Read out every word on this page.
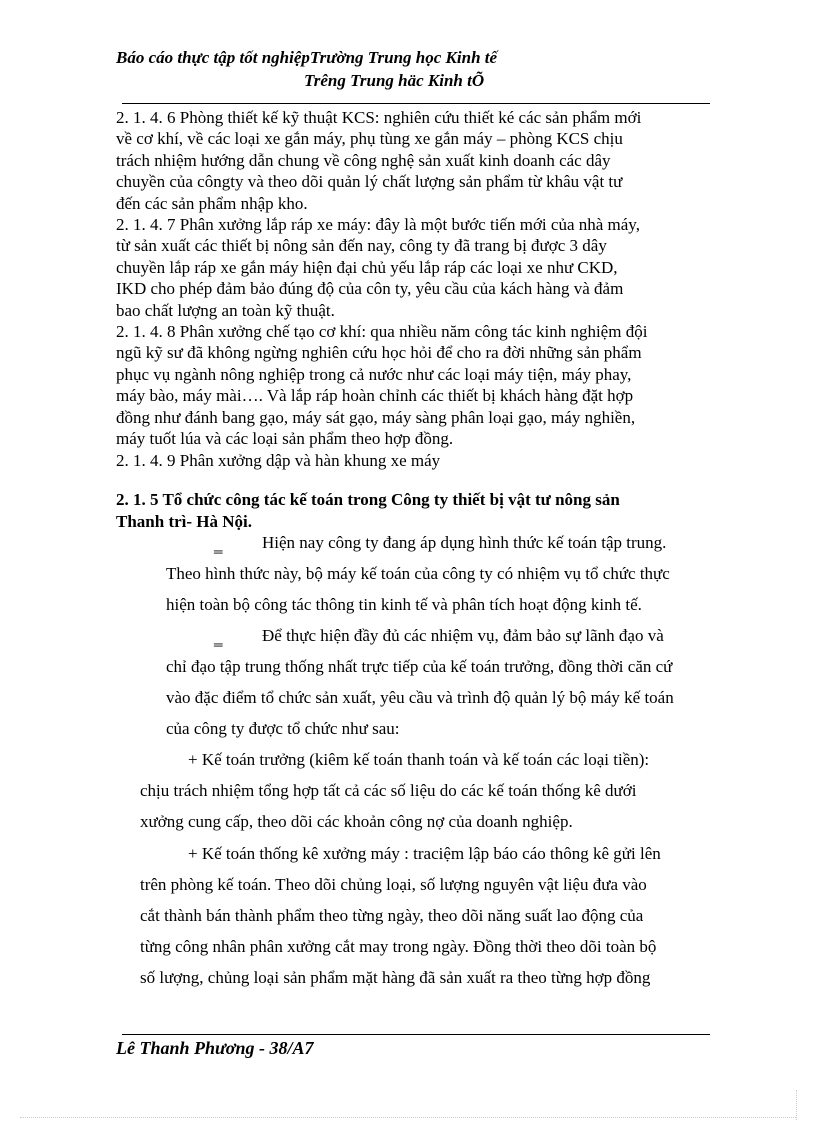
Báo cáo thực tập tốt nghiệpTrường Trung học Kinh tế
Trêng Trung häc Kinh tÕ

2. 1. 4. 6 Phòng thiết kế kỹ thuật KCS: nghiên cứu thiết ké các sản phẩm mới

về cơ khí, về các loại xe gắn máy, phụ tùng xe gắn máy – phòng KCS chịu

trách nhiệm hướng dẫn chung về công nghệ sản xuất kinh doanh các dây

chuyền của côngty và theo dõi quản lý chất lượng sản phẩm từ khâu vật tư

đến các sản phẩm nhập kho.

2. 1. 4. 7 Phân xưởng lắp ráp xe máy: đây là một bước tiến mới của nhà máy,

từ sản xuất các thiết bị nông sản đến nay, công ty đã trang bị được 3 dây

chuyền lắp ráp xe gắn máy hiện đại chủ yếu lắp ráp các loại xe như CKD,

IKD cho phép đảm bảo đúng độ của côn ty, yêu cầu của kách hàng và đảm

bao chất lượng an toàn kỹ thuật.

2. 1. 4. 8 Phân xưởng chế tạo cơ khí: qua nhiều năm công tác kinh nghiệm đội

ngũ kỹ sư đã không ngừng nghiên cứu học hỏi để cho ra đời những sản phẩm

phục vụ ngành nông nghiệp trong cả nước như các loại máy tiện, máy phay,

máy bào, máy mài…. Và lắp ráp hoàn chỉnh các thiết bị khách hàng đặt hợp

đồng như đánh bang gạo, máy sát gạo, máy sàng phân loại gạo, máy nghiền,

máy tuốt lúa và các loại sản phẩm theo hợp đồng.

2. 1. 4. 9 Phân xưởng dập và hàn khung xe máy

2. 1. 5 Tổ chức công tác kế toán trong Công ty thiết bị vật tư nông sản
Thanh trì- Hà Nội.
‗ Hiện nay công ty đang áp dụng hình thức kế toán tập trung.
Theo hình thức này, bộ máy kế toán của công ty có nhiệm vụ tổ chức thực
hiện toàn bộ công tác thông tin kinh tế và phân tích hoạt động kinh tế.
‗ Để thực hiện đầy đủ các nhiệm vụ, đảm bảo sự lãnh đạo và
chỉ đạo tập trung thống nhất trực tiếp của kế toán trưởng, đồng thời căn cứ
vào đặc điểm tổ chức sản xuất, yêu cầu và trình độ quản lý bộ máy kế toán
của công ty được tổ chức như sau:
+ Kế toán trưởng (kiêm kế toán thanh toán và kế toán các loại tiền):
chịu trách nhiệm tổng hợp tất cả các số liệu do các kế toán thống kê dưới
xưởng cung cấp, theo dõi các khoản công nợ của doanh nghiệp.
+ Kế toán thống kê xưởng máy : traciệm lập báo cáo thông kê gửi lên
trên phòng kế toán. Theo dõi chủng loại, số lượng nguyên vật liệu đưa vào
cắt thành bán thành phẩm theo từng ngày, theo dõi năng suất lao động của
từng công nhân phân xưởng cắt may trong ngày. Đồng thời theo dõi toàn bộ
số lượng, chủng loại sản phẩm mặt hàng đã sản xuất ra theo từng hợp đồng
Lê Thanh Phương - 38/A7
